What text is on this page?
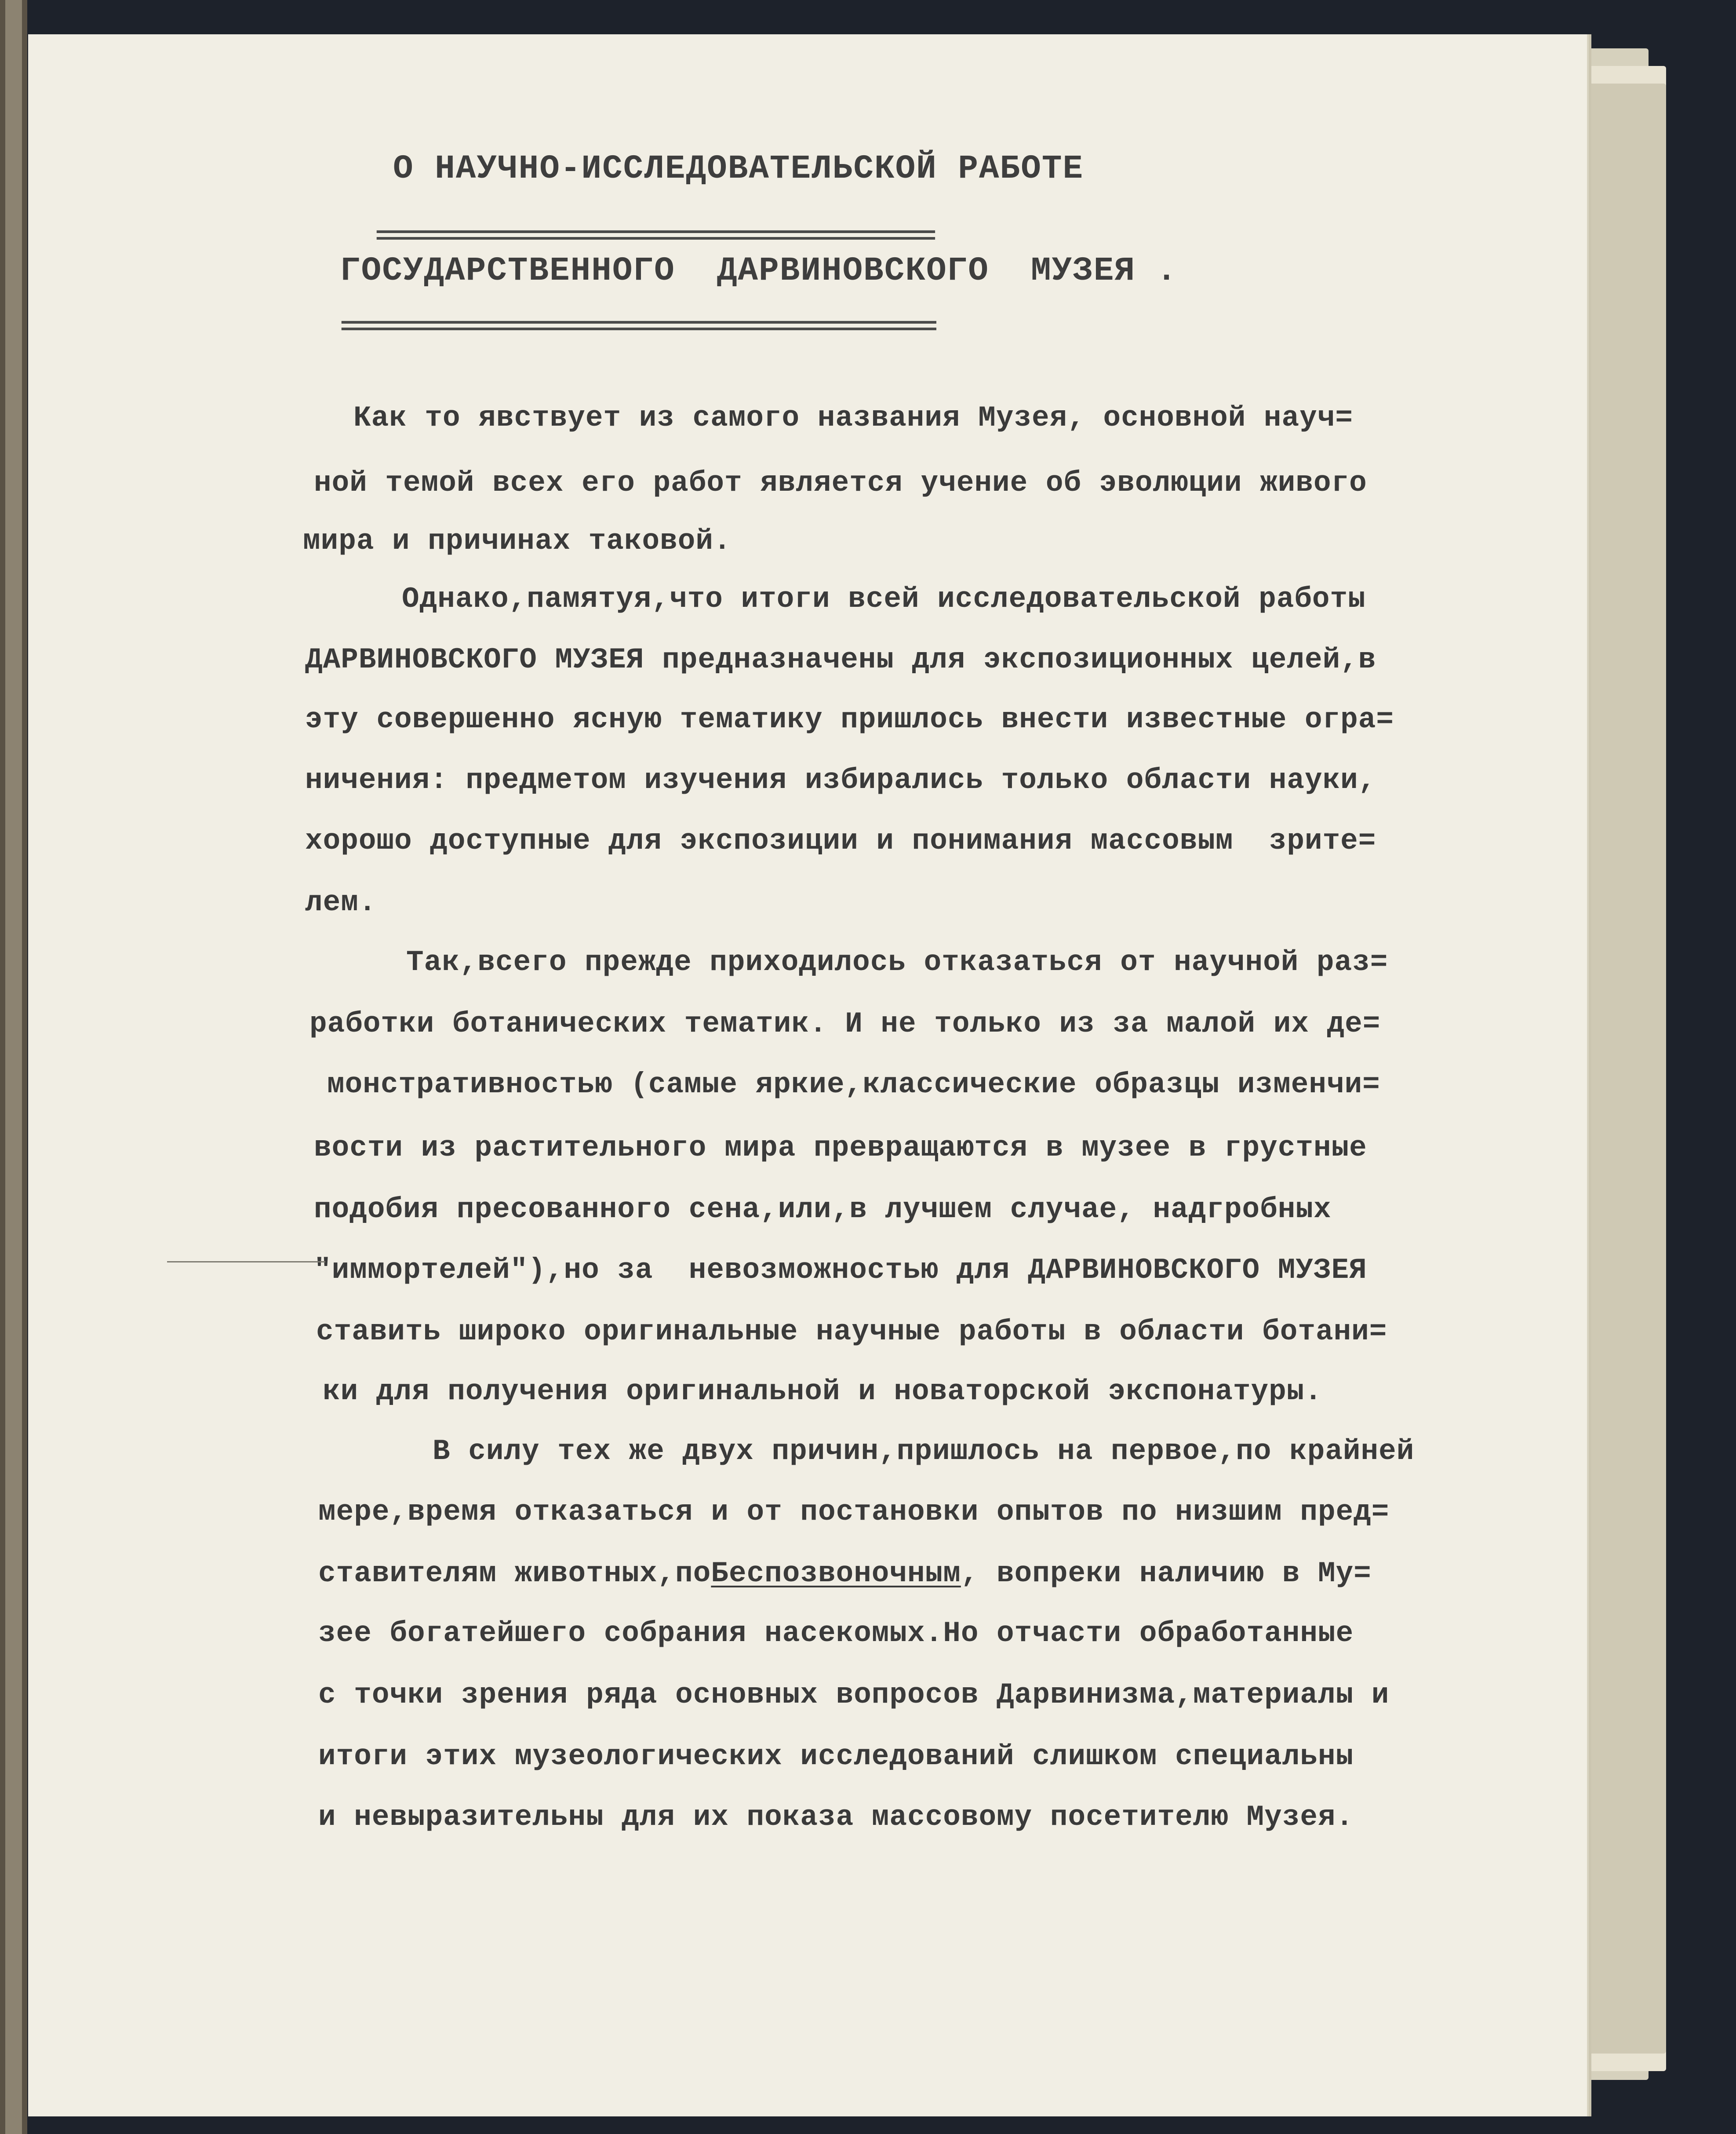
О НАУЧНО-ИССЛЕДОВАТЕЛЬСКОЙ РАБОТЕ
==============================================
ГОСУДАРСТВЕННОГО  ДАРВИНОВСКОГО  МУЗЕЯ .
=================================================
Как то явствует из самого названия Музея, основной науч=
ной темой всех его работ является учение об эволюции живого
мира и причинах таковой.
Однако,памятуя,что итоги всей исследовательской работы
ДАРВИНОВСКОГО МУЗЕЯ предназначены для экспозиционных целей,в
эту совершенно ясную тематику пришлось внести известные огра=
ничения: предметом изучения избирались только области науки,
хорошо доступные для экспозиции и понимания массовым  зрите=
лем.
Так,всего прежде приходилось отказаться от научной раз=
работки ботанических тематик. И не только из за малой их де=
монстративностью (самые яркие,классические образцы изменчи=
вости из растительного мира превращаются в музее в грустные
подобия пресованного сена,или,в лучшем случае, надгробных
"иммортелей"),но за  невозможностью для ДАРВИНОВСКОГО МУЗЕЯ
ставить широко оригинальные научные работы в области ботани=
ки для получения оригинальной и новаторской экспонатуры.
В силу тех же двух причин,пришлось на первое,по крайней
мере,время отказаться и от постановки опытов по низшим пред=
ставителям животных,поБеспозвоночным, вопреки наличию в Му=
зее богатейшего собрания насекомых.Но отчасти обработанные
с точки зрения ряда основных вопросов Дарвинизма,материалы и
итоги этих музеологических исследований слишком специальны
и невыразительны для их показа массовому посетителю Музея.
